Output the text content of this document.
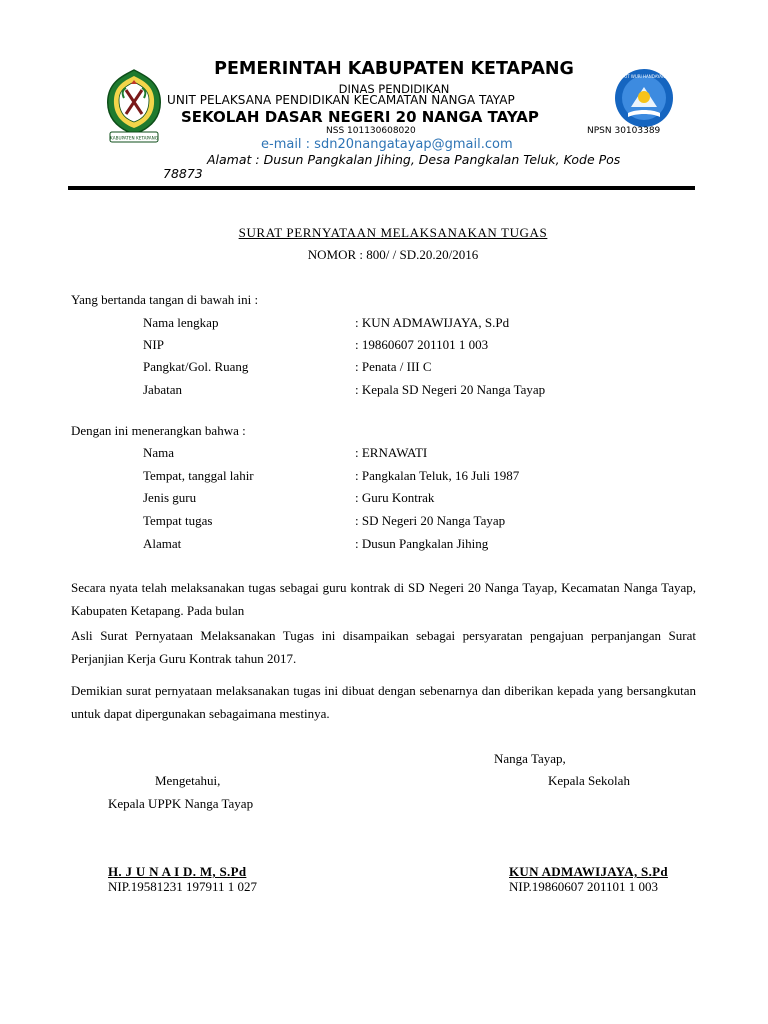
KABUPATEN KETAPANG
TUT WURI HANDAYANI
PEMERINTAH KABUPATEN KETAPANG
DINAS PENDIDIKAN
UNIT PELAKSANA PENDIDIKAN KECAMATAN NANGA TAYAP
SEKOLAH DASAR NEGERI 20 NANGA TAYAP
NSS 101130608020	NPSN 30103389
e-mail : sdn20nangatayap@gmail.com
Alamat : Dusun Pangkalan Jihing, Desa Pangkalan Teluk, Kode Pos
78873
SURAT PERNYATAAN MELAKSANAKAN TUGAS
NOMOR : 800/ / SD.20.20/2016
Yang bertanda tangan di bawah ini :
Nama lengkap	: KUN ADMAWIJAYA, S.Pd
NIP	: 19860607 201101 1 003
Pangkat/Gol. Ruang	: Penata / III C
Jabatan	: Kepala SD Negeri 20 Nanga Tayap
Dengan ini menerangkan bahwa :
Nama	: ERNAWATI
Tempat, tanggal lahir	: Pangkalan Teluk, 16 Juli 1987
Jenis guru	: Guru Kontrak
Tempat tugas	: SD Negeri 20 Nanga Tayap
Alamat	: Dusun Pangkalan Jihing
Secara nyata telah melaksanakan tugas sebagai guru kontrak di SD Negeri 20 Nanga Tayap, Kecamatan Nanga Tayap, Kabupaten Ketapang. Pada bulan
Asli Surat Pernyataan Melaksanakan Tugas ini disampaikan sebagai persyaratan pengajuan perpanjangan Surat Perjanjian Kerja Guru Kontrak tahun 2017.
Demikian surat pernyataan melaksanakan tugas ini dibuat dengan sebenarnya dan diberikan kepada yang bersangkutan untuk dapat dipergunakan sebagaimana mestinya.
Nanga Tayap,
Mengetahui,	Kepala Sekolah
Kepala UPPK Nanga Tayap
H. J U N A I D. M, S.Pd
NIP.19581231 197911 1 027
KUN ADMAWIJAYA, S.Pd
NIP.19860607 201101 1 003
